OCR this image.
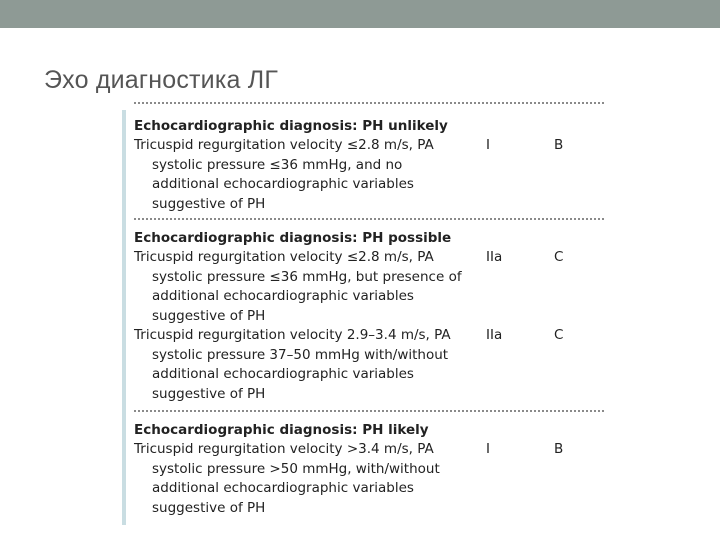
Эхо диагностика ЛГ
Echocardiographic diagnosis: PH unlikely
Tricuspid regurgitation velocity ≤2.8 m/s, PA
systolic pressure ≤36 mmHg, and no
additional echocardiographic variables
suggestive of PH
I	B
Echocardiographic diagnosis: PH possible
Tricuspid regurgitation velocity ≤2.8 m/s, PA
systolic pressure ≤36 mmHg, but presence of
additional echocardiographic variables
suggestive of PH
IIa	C
Tricuspid regurgitation velocity 2.9–3.4 m/s, PA
systolic pressure 37–50 mmHg with/without
additional echocardiographic variables
suggestive of PH
IIa	C
Echocardiographic diagnosis: PH likely
Tricuspid regurgitation velocity >3.4 m/s, PA
systolic pressure >50 mmHg, with/without
additional echocardiographic variables
suggestive of PH
I	B
